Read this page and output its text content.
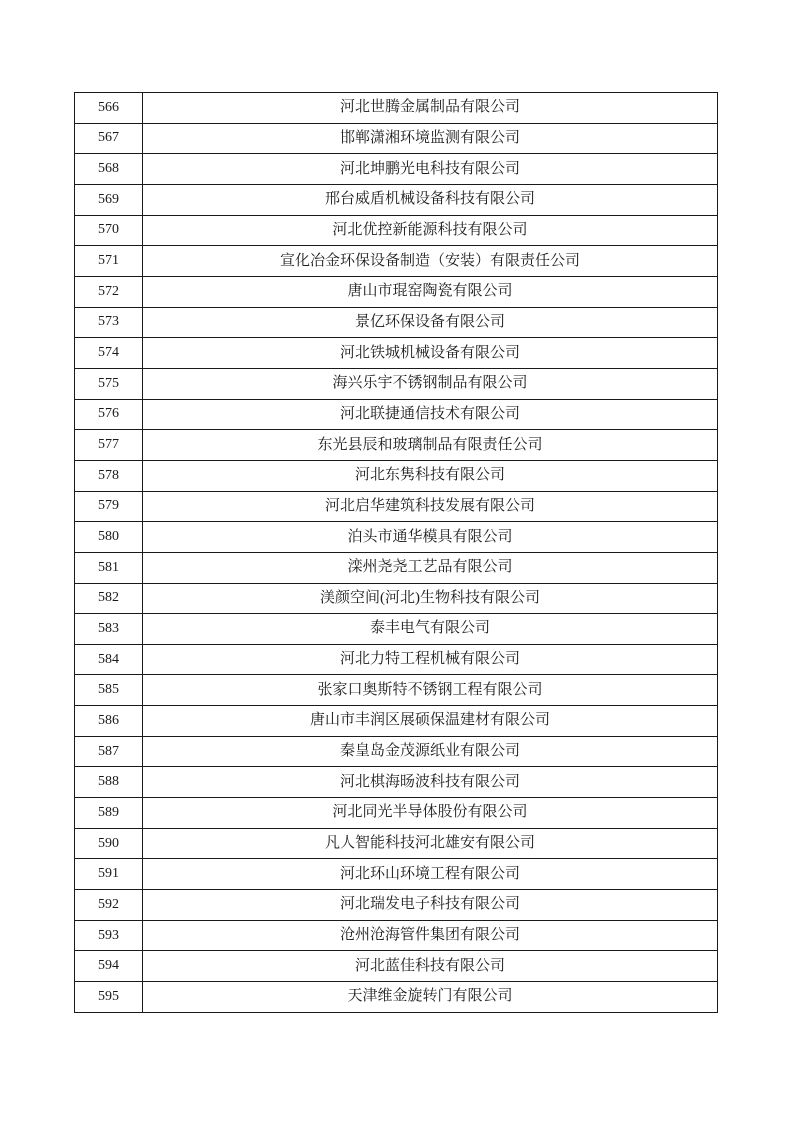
566	河北世腾金属制品有限公司
567	邯郸潇湘环境监测有限公司
568	河北坤鹏光电科技有限公司
569	邢台威盾机械设备科技有限公司
570	河北优控新能源科技有限公司
571	宣化冶金环保设备制造（安装）有限责任公司
572	唐山市琨窑陶瓷有限公司
573	景亿环保设备有限公司
574	河北铁城机械设备有限公司
575	海兴乐宇不锈钢制品有限公司
576	河北联捷通信技术有限公司
577	东光县辰和玻璃制品有限责任公司
578	河北东隽科技有限公司
579	河北启华建筑科技发展有限公司
580	泊头市通华模具有限公司
581	滦州尧尧工艺品有限公司
582	渼颜空间(河北)生物科技有限公司
583	泰丰电气有限公司
584	河北力特工程机械有限公司
585	张家口奥斯特不锈钢工程有限公司
586	唐山市丰润区展硕保温建材有限公司
587	秦皇岛金茂源纸业有限公司
588	河北棋海旸波科技有限公司
589	河北同光半导体股份有限公司
590	凡人智能科技河北雄安有限公司
591	河北环山环境工程有限公司
592	河北瑞发电子科技有限公司
593	沧州沧海管件集团有限公司
594	河北蓝佳科技有限公司
595	天津维金旋转门有限公司
